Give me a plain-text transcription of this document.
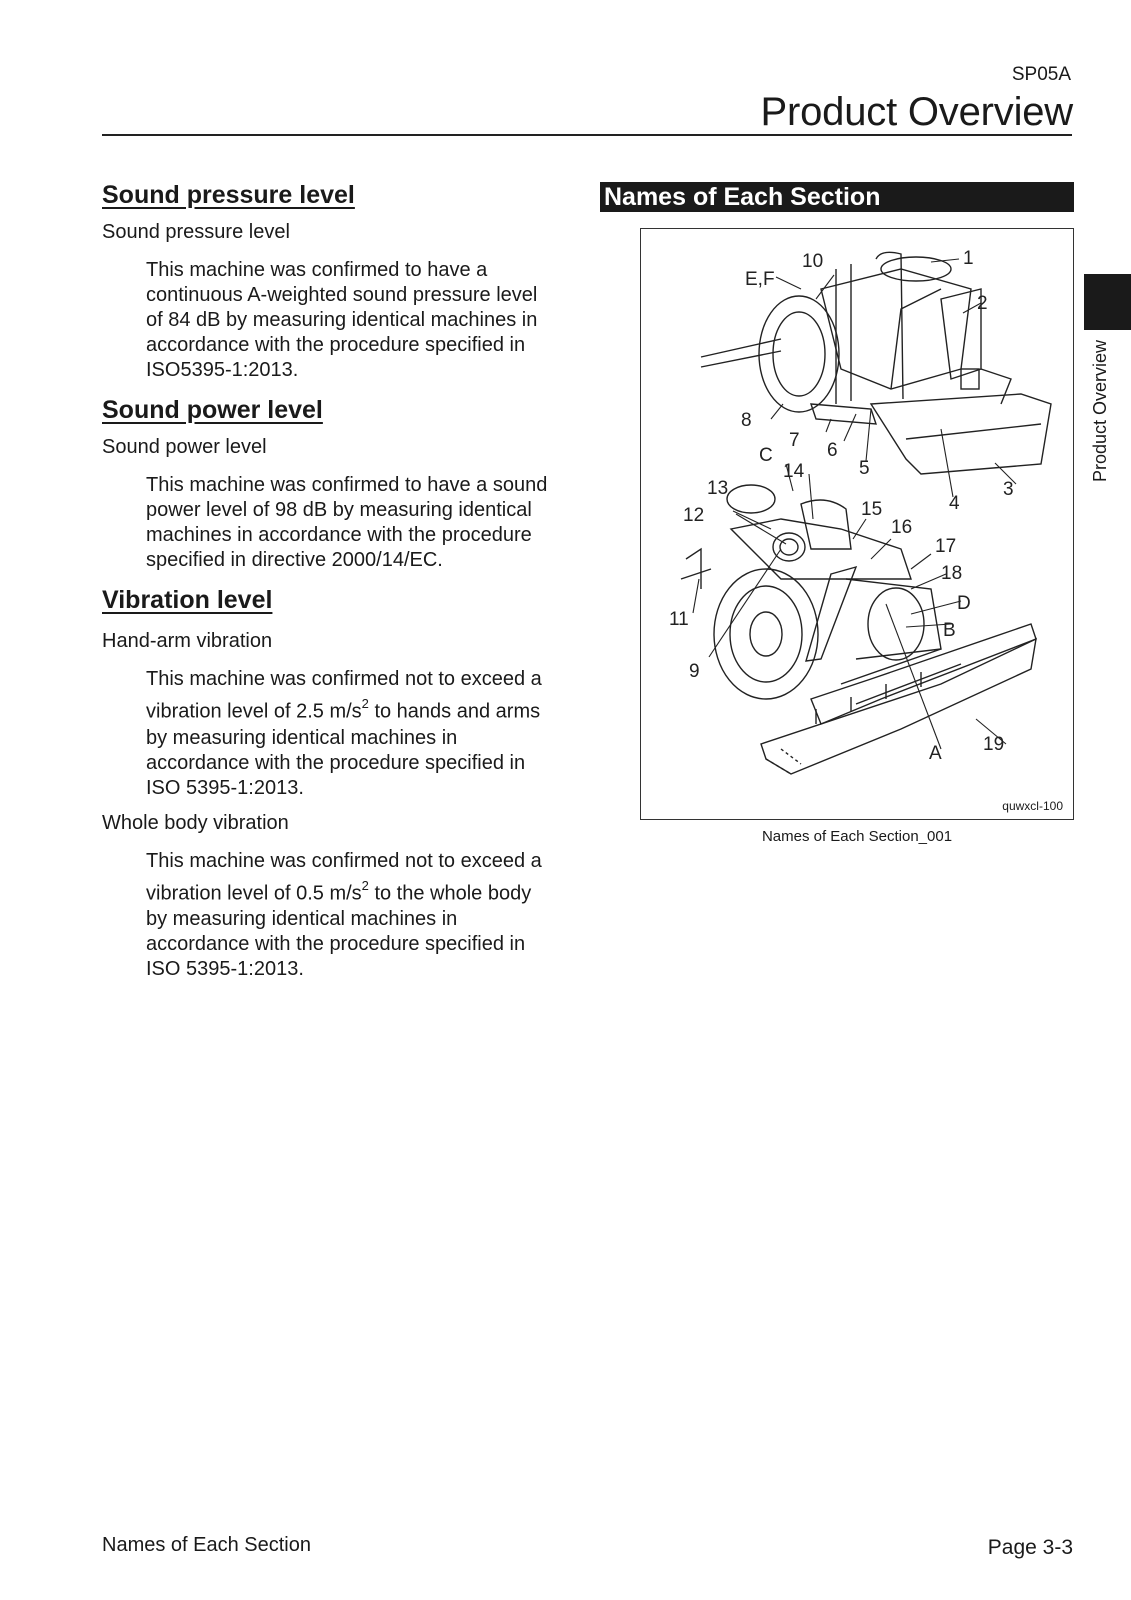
SP05A
Product Overview
Sound pressure level

Sound pressure level

This machine was confirmed to have a

continuous A-weighted sound pressure level

of 84 dB by measuring identical machines in

accordance with the procedure specified in

ISO5395-1:2013.

Sound power level

Sound power level

This machine was confirmed to have a sound

power level of 98 dB by measuring identical

machines in accordance with the procedure

specified in directive 2000/14/EC.

Vibration level

Hand-arm vibration

This machine was confirmed not to exceed a

vibration level of 2.5 $m/s^2$ to hands and arms

by measuring identical machines in

accordance with the procedure specified in

ISO 5395-1:2013.

Whole body vibration

This machine was confirmed not to exceed a

vibration level of 0.5 $m/s^2$ to the whole body

by measuring identical machines in

accordance with the procedure specified in

ISO 5395-1:2013.

Names of Each Section
1
2
3
4
5
6
7
8
9
10
11
12
13
14
15
16
17
18
19
A
B
C
D
E,F
quwxcl-100
Names of Each Section_001
Product Overview
Names of Each Section	Page 3-3
